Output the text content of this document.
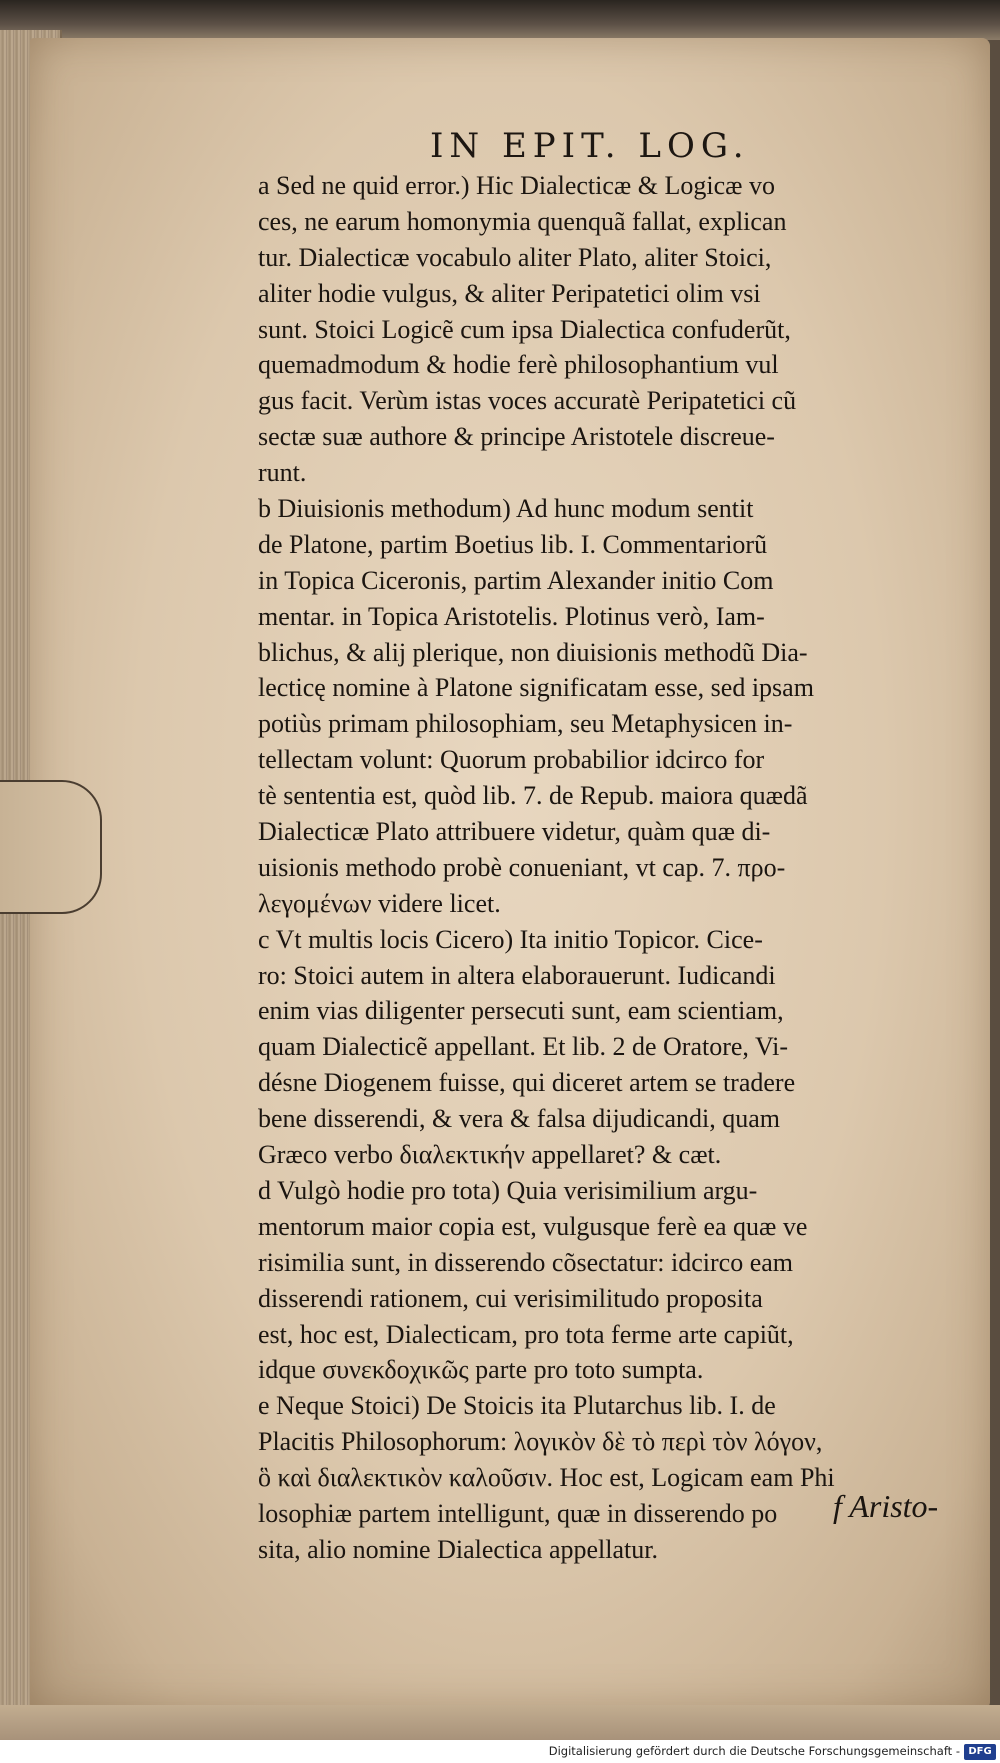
IN EPIT. LOG.
a Sed ne quid error.) Hic Dialecticæ & Logicæ vo
ces, ne earum homonymia quenquã fallat, explican
tur. Dialecticæ vocabulo aliter Plato, aliter Stoici,
aliter hodie vulgus, & aliter Peripatetici olim vsi
sunt. Stoici Logicẽ cum ipsa Dialectica confuderũt,
quemadmodum & hodie ferè philosophantium vul
gus facit. Verùm istas voces accuratè Peripatetici cũ
sectæ suæ authore & principe Aristotele discreue-
runt.
b Diuisionis methodum) Ad hunc modum sentit
de Platone, partim Boetius lib. I. Commentariorũ
in Topica Ciceronis, partim Alexander initio Com
mentar. in Topica Aristotelis. Plotinus verò, Iam-
blichus, & alij plerique, non diuisionis methodũ Dia-
lecticę nomine à Platone significatam esse, sed ipsam
potiùs primam philosophiam, seu Metaphysicen in-
tellectam volunt: Quorum probabilior idcirco for
tè sententia est, quòd lib. 7. de Repub. maiora quædã
Dialecticæ Plato attribuere videtur, quàm quæ di-
uisionis methodo probè conueniant, vt cap. 7. προ-
λεγομένων videre licet.
c Vt multis locis Cicero) Ita initio Topicor. Cice-
ro: Stoici autem in altera elaborauerunt. Iudicandi
enim vias diligenter persecuti sunt, eam scientiam,
quam Dialecticẽ appellant. Et lib. 2 de Oratore, Vi-
désne Diogenem fuisse, qui diceret artem se tradere
bene disserendi, & vera & falsa dijudicandi, quam
Græco verbo διαλεκτικήν appellaret? & cæt.
d Vulgò hodie pro tota) Quia verisimilium argu-
mentorum maior copia est, vulgusque ferè ea quæ ve
risimilia sunt, in disserendo cõsectatur: idcirco eam
disserendi rationem, cui verisimilitudo proposita
est, hoc est, Dialecticam, pro tota ferme arte capiũt,
idque συνεκδοχικῶς parte pro toto sumpta.
e Neque Stoici) De Stoicis ita Plutarchus lib. I. de
Placitis Philosophorum: λογικὸν δὲ τὸ περὶ τὸν λόγον,
ὃ καὶ διαλεκτικὸν καλοῦσιν. Hoc est, Logicam eam Phi
losophiæ partem intelligunt, quæ in disserendo po
sita, alio nomine Dialectica appellatur.
f Aristo-
Digitalisierung gefördert durch die Deutsche Forschungsgemeinschaft - DFG
